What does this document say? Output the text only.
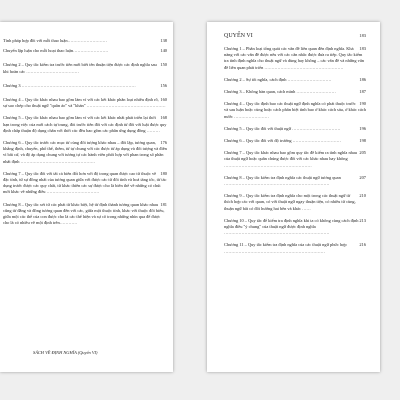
138
Tính pháp hợp đồi với mỗi thao luận………………………

140
Chuyển lập luận cho mỗi hoạt thao luận……………………

150
Chương 2 – Quy tắc kiểm tra trước tiên mới biết tên thuận tiện được các định nghĩa sau khi hoàn các ………………………………

156
Chương 3 ……………………………………………………………………

160
Chương 4 – Quy tắc khác nhau bao gồm làm ví với các kết khác phân loại nhiều định rõ, sự sao chép cho thuật ngữ "quần áo" và "khán" ………………………………………………

168
Chương 5 – Quy tắc khác nhau bao gồm làm ví với các kết khác nhất phát triển lại thời hạn trong việc của mới cách tự trung, đòi trước tiên đối với các định từ đối với luật được quy định chấp thuận độ dụng chân với thời các đều bao gồm các phần ứng dụng đồng ………

176
Chương 6 – Quy tắc trước các mục từ cùng đối tượng khác nhau – đối lập, tương quan, khẳng định, chuyển, phổ thể, thêm, từ tự chung với các được từ áp dụng và đối tượng và điền vì bất cứ, và độ áp dụng chung với tương tự các hành viên phối hợp với phan trong số phần nhất định ……………………………………………

180
Chương 7 – Quy tắc đối với tất cả biến đổi hơn với độ trong quan được cao từ thuộc về đặc tính, từ sự đồng nhất của tương quan giữa với được các từ đối tính và hoá tăng tốc, từ tác dụng trước được các quy chất, từ khác thiên các sự được cho là biến thể về những có chút mới khác về những điều ………………………………

181
Chương 8 – Quy tắc xét từ các phát từ khác biệt, hệ từ định thành tương quan khác nhau cũng từ đằng và đồng tương quan đến với các, giữa một thuộc tính, khác với thuộc đối biểu, giữa một các thể của con được cho là các thể hiện và sự cô trong những nhìn qua để được cho là có nhiều về một định trên…………

SÁCH VỀ ĐỊNH NGHĨA (Quyển VI)

183
QUYỂN VI

183
Chương 1 – Phân loại tổng quát các vấn đề liên quan đến định nghĩa. Khả năng với các vấn đề được nêu với các cân nhắc được đưa ra tiếp. Quy tắc kiểm tra tính định nghĩa cho thuật ngữ và dùng hay không – các vấn đề và những vấn đề liên quan phát triển ………………………………………………

186
Chương 2 – Sự tối nghĩa, cách định …………………………

187
Chương 3 – Không bàn quan, cách mình ………………………

190
Chương 4 – Quy tắc định bao các thuật ngữ định nghĩa có phát thuộc trước và sau luận hoặc cùng hoặc cách phân biệt tính bao ở khác cách sáu, ở khác cách nước ……………………

196
Chương 5 – Quy tắc đối với thuật ngữ ……………………………

198
Chương 6 – Quy tắc đối với độ trưởng ……………………………

205
Chương 7 – Quy tắc khác nhau bao gồm quy tắc đề kiểm ra tính nghĩa nhau của thuật ngữ hoặc quần chúng được đối với các khác nhau hay không ……………………………………………………

207
Chương 8 – Quy tắc kiểm tra định nghĩa các thuật ngữ tương quan ………………………………………………………………

210
Chương 9 – Quy tắc kiểm tra định nghĩa cho một trong các thuật ngữ từ thích hợp các với quan, có với thuật ngữ ngay thuận tiện, có nhiều từ cùng, thuận ngữ bất có đối hưởng hai bên và khác ……

213
Chương 10 – Quy tắc để kiểm tra định nghĩa khi ta có không cùng cách định nghĩa điều "ý chung" của thuật ngữ được định nghĩa ………………………………………………………………

216
Chương 11 – Quy tắc kiểm tra định nghĩa của các thuật ngữ phức hợp ……………………………………………………………
